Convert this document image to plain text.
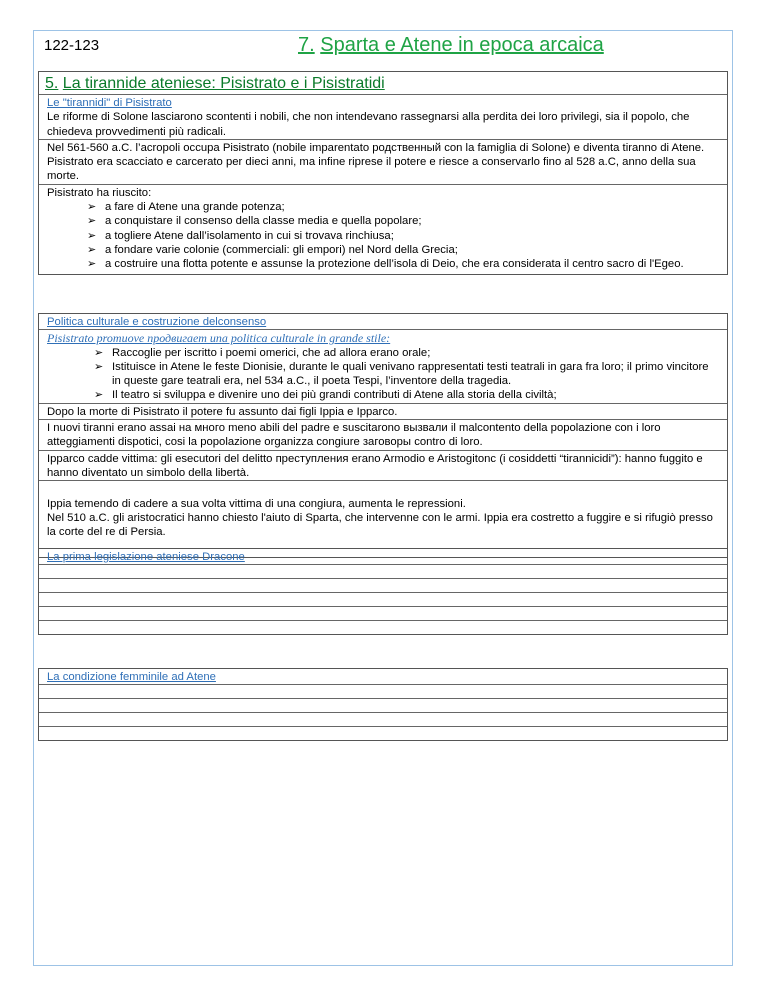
122-123	7. Sparta e Atene in epoca arcaica
5. La tirannide ateniese: Pisistrato e i Pisistratidi
Le "tirannidi" di Pisistrato
Le riforme di Solone lasciarono scontenti i nobili, che non intendevano rassegnarsi alla perdita dei loro privilegi, sia il popolo, che chiedeva provvedimenti più radicali.
Nel 561-560 a.C. l’acropoli occupa Pisistrato (nobile imparentato родственный con la famiglia di Solone) e diventa tiranno di Atene.
Pisistrato era scacciato e carcerato per dieci anni, ma infine riprese il potere e riesce a conservarlo fino al 528 a.C, anno della sua morte.
Pisistrato ha riuscito:
➢ a fare di Atene una grande potenza;
➢ a conquistare il consenso della classe media e quella popolare;
➢ a togliere Atene dall’isolamento in cui si trovava rinchiusa;
➢ a fondare varie colonie (commerciali: gli empori) nel Nord della Grecia;
➢ a costruire una flotta potente e assunse la protezione dell’isola di Deio, che era considerata il centro sacro di l'Egeo.
Politica culturale e costruzione delconsenso
Pisistrato promuove продвигает una politica culturale in grande stile:
➢ Raccoglie per iscritto i poemi omerici, che ad allora erano orale;
➢ Istituisce in Atene le feste Dionisie, durante le quali venivano rappresentati testi teatrali in gara fra loro; il primo vincitore in queste gare teatrali era, nel 534 a.C., il poeta Tespi, l’inventore della tragedia.
➢ Il teatro si sviluppa e divenire uno dei più grandi contributi di Atene alla storia della civiltà;
Dopo la morte di Pisistrato il potere fu assunto dai figli Ippia e Ipparco.
I nuovi tiranni erano assai на много meno abili del padre e suscitarono вызвали il malcontento della popolazione con i loro atteggiamenti dispotici, cosi la popolazione organizza congiure заговоры contro di loro.
Ipparco cadde vittima: gli esecutori del delitto преступления erano Armodio e Aristogitonc (i cosiddetti “tirannicidi”): hanno fuggito e hanno diventato un simbolo della libertà.

Ippia temendo di cadere a sua volta vittima di una congiura, aumenta le repressioni.
Nel 510 a.C. gli aristocratici hanno chiesto l'aiuto di Sparta, che intervenne con le armi. Ippia era costretto a fuggire e si rifugiò presso la corte del re di Persia.

La prima legislazione ateniese Dracone
La condizione femminile ad Atene
